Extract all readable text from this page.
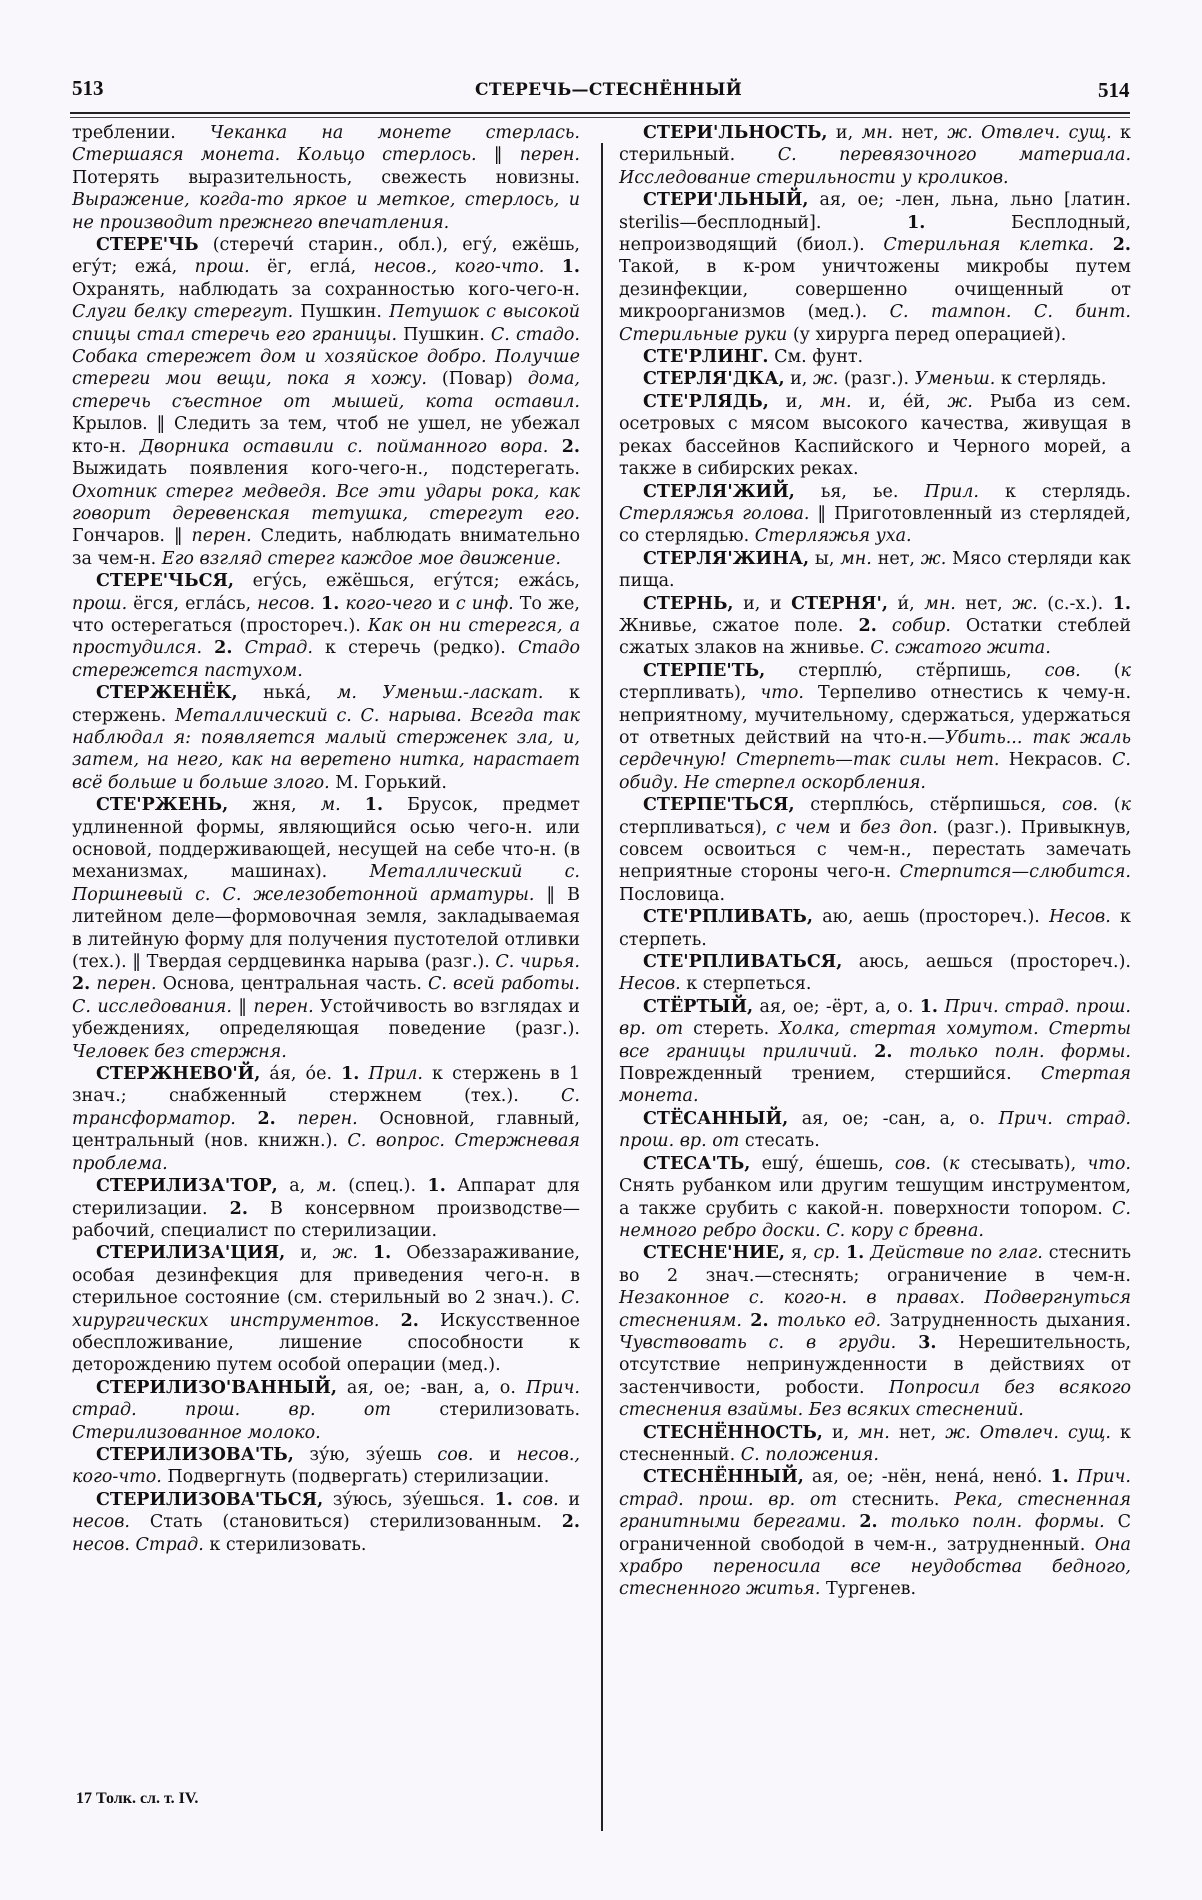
513	СТЕРЕЧЬ—СТЕСНЁННЫЙ	514

треблении. Чеканка на монете стерлась. Стершаяся монета. Кольцо стерлось. ‖ перен. Потерять выразительность, свежесть новизны. Выражение, когда-то яркое и меткое, стерлось, и не производит прежнего впечатления.

СТЕРЕ'ЧЬ (стеречи́ старин., обл.), егу́, ежёшь, егу́т; ежа́, прош. ёг, егла́, несов., кого-что. 1. Охранять, наблюдать за сохранностью кого-чего-н. Слуги белку стерегут. Пушкин. Петушок с высокой спицы стал стеречь его границы. Пушкин. С. стадо. Собака стережет дом и хозяйское добро. Получше стереги мои вещи, пока я хожу. (Повар) дома, стеречь съестное от мышей, кота оставил. Крылов. ‖ Следить за тем, чтоб не ушел, не убежал кто-н. Дворника оставили с. пойманного вора. 2. Выжидать появления кого-чего-н., подстерегать. Охотник стерег медведя. Все эти удары рока, как говорит деревенская тетушка, стерегут его. Гончаров. ‖ перен. Следить, наблюдать внимательно за чем-н. Его взгляд стерег каждое мое движение.

СТЕРЕ'ЧЬСЯ, егу́сь, ежёшься, егу́тся; ежа́сь, прош. ёгся, егла́сь, несов. 1. кого-чего и с инф. То же, что остерегаться (простореч.). Как он ни стерегся, а простудился. 2. Страд. к стеречь (редко). Стадо стережется пастухом.

СТЕРЖЕНЁК, нька́, м. Уменьш.-ласкат. к стержень. Металлический с. С. нарыва. Всегда так наблюдал я: появляется малый стерженек зла, и, затем, на него, как на веретено нитка, нарастает всё больше и больше злого. М. Горький.

СТЕ'РЖЕНЬ, жня, м. 1. Брусок, предмет удлиненной формы, являющийся осью чего-н. или основой, поддерживающей, несущей на себе что-н. (в механизмах, машинах). Металлический с. Поршневый с. С. железобетонной арматуры. ‖ В литейном деле—формовочная земля, закладываемая в литейную форму для получения пустотелой отливки (тех.). ‖ Твердая сердцевинка нарыва (разг.). С. чирья. 2. перен. Основа, центральная часть. С. всей работы. С. исследования. ‖ перен. Устойчивость во взглядах и убеждениях, определяющая поведение (разг.). Человек без стержня.

СТЕРЖНЕВО'Й, а́я, о́е. 1. Прил. к стержень в 1 знач.; снабженный стержнем (тех.). С. трансформатор. 2. перен. Основной, главный, центральный (нов. книжн.). С. вопрос. Стержневая проблема.

СТЕРИЛИЗА'ТОР, а, м. (спец.). 1. Аппарат для стерилизации. 2. В консервном производстве—рабочий, специалист по стерилизации.

СТЕРИЛИЗА'ЦИЯ, и, ж. 1. Обеззараживание, особая дезинфекция для приведения чего-н. в стерильное состояние (см. стерильный во 2 знач.). С. хирургических инструментов. 2. Искусственное обеспложивание, лишение способности к деторождению путем особой операции (мед.).

СТЕРИЛИЗО'ВАННЫЙ, ая, ое; -ван, а, о. Прич. страд. прош. вр. от стерилизовать. Стерилизованное молоко.

СТЕРИЛИЗОВА'ТЬ, зу́ю, зу́ешь сов. и несов., кого-что. Подвергнуть (подвергать) стерилизации.

СТЕРИЛИЗОВА'ТЬСЯ, зу́юсь, зу́ешься. 1. сов. и несов. Стать (становиться) стерилизованным. 2. несов. Страд. к стерилизовать.

СТЕРИ'ЛЬНОСТЬ, и, мн. нет, ж. Отвлеч. сущ. к стерильный. С. перевязочного материала. Исследование стерильности у кроликов.

СТЕРИ'ЛЬНЫЙ, ая, ое; -лен, льна, льно [латин. sterilis—бесплодный]. 1. Бесплодный, непроизводящий (биол.). Стерильная клетка. 2. Такой, в к-ром уничтожены микробы путем дезинфекции, совершенно очищенный от микроорганизмов (мед.). С. тампон. С. бинт. Стерильные руки (у хирурга перед операцией).

СТЕ'РЛИНГ. См. фунт.

СТЕРЛЯ'ДКА, и, ж. (разг.). Уменьш. к стерлядь.

СТЕ'РЛЯДЬ, и, мн. и, е́й, ж. Рыба из сем. осетровых с мясом высокого качества, живущая в реках бассейнов Каспийского и Черного морей, а также в сибирских реках.

СТЕРЛЯ'ЖИЙ, ья, ье. Прил. к стерлядь. Стерляжья голова. ‖ Приготовленный из стерлядей, со стерлядью. Стерляжья уха.

СТЕРЛЯ'ЖИНА, ы, мн. нет, ж. Мясо стерляди как пища.

СТЕРНЬ, и, и СТЕРНЯ', и́, мн. нет, ж. (с.-х.). 1. Жнивье, сжатое поле. 2. собир. Остатки стеблей сжатых злаков на жнивье. С. сжатого жита.

СТЕРПЕ'ТЬ, стерплю́, стё́рпишь, сов. (к стерпливать), что. Терпеливо отнестись к чему-н. неприятному, мучительному, сдержаться, удержаться от ответных действий на что-н.—Убить... так жаль сердечную! Стерпеть—так силы нет. Некрасов. С. обиду. Не стерпел оскорбления.

СТЕРПЕ'ТЬСЯ, стерплю́сь, стё́рпишься, сов. (к стерпливаться), с чем и без доп. (разг.). Привыкнув, совсем освоиться с чем-н., перестать замечать неприятные стороны чего-н. Стерпится—слюбится. Пословица.

СТЕ'РПЛИВАТЬ, аю, аешь (простореч.). Несов. к стерпеть.

СТЕ'РПЛИВАТЬСЯ, аюсь, аешься (простореч.). Несов. к стерпеться.

СТЁРТЫЙ, ая, ое; -ёрт, а, о. 1. Прич. страд. прош. вр. от стереть. Холка, стертая хомутом. Стерты все границы приличий. 2. только полн. формы. Поврежденный трением, стершийся. Стертая монета.

СТЁСАННЫЙ, ая, ое; -сан, а, о. Прич. страд. прош. вр. от стесать.

СТЕСА'ТЬ, ешу́, е́шешь, сов. (к стесывать), что. Снять рубанком или другим тешущим инструментом, а также срубить с какой-н. поверхности топором. С. немного ребро доски. С. кору с бревна.

СТЕСНЕ'НИЕ, я, ср. 1. Действие по глаг. стеснить во 2 знач.—стеснять; ограничение в чем-н. Незаконное с. кого-н. в правах. Подвергнуться стеснениям. 2. только ед. Затрудненность дыхания. Чувствовать с. в груди. 3. Нерешительность, отсутствие непринужденности в действиях от застенчивости, робости. Попросил без всякого стеснения взаймы. Без всяких стеснений.

СТЕСНЁННОСТЬ, и, мн. нет, ж. Отвлеч. сущ. к стесненный. С. положения.

СТЕСНЁННЫЙ, ая, ое; -нён, нена́, нено́. 1. Прич. страд. прош. вр. от стеснить. Река, стесненная гранитными берегами. 2. только полн. формы. С ограниченной свободой в чем-н., затрудненный. Она храбро переносила все неудобства бедного, стесненного житья. Тургенев.

17 Толк. сл. т. IV.
